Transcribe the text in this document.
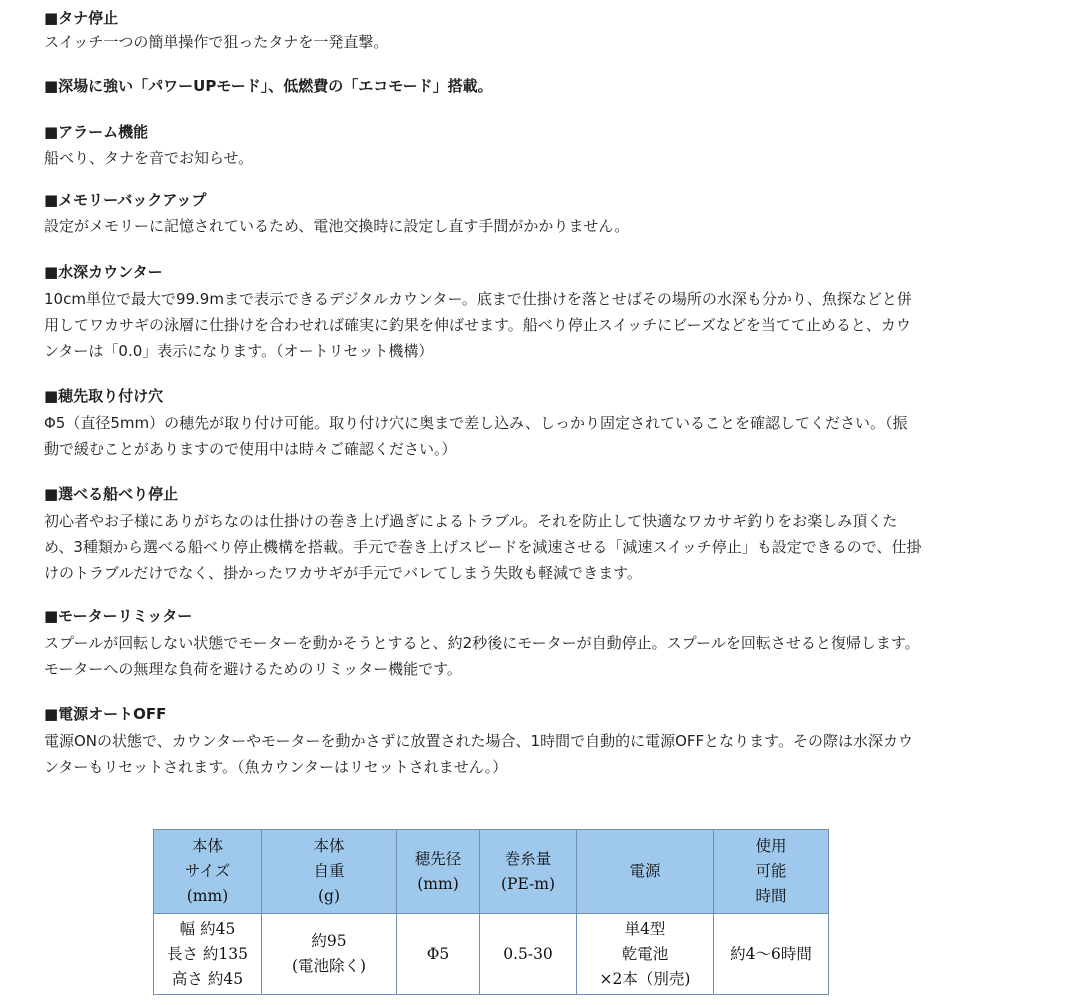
■タナ停止

スイッチ一つの簡単操作で狙ったタナを一発直撃。

■深場に強い「パワーUPモード」、低燃費の「エコモード」搭載。
■アラーム機能

船べり、タナを音でお知らせ。

■メモリーバックアップ

設定がメモリーに記憶されているため、電池交換時に設定し直す手間がかかりません。

■水深カウンター

10cm単位で最大で99.9mまで表示できるデジタルカウンター。底まで仕掛けを落とせばその場所の水深も分かり、魚探などと併

用してワカサギの泳層に仕掛けを合わせれば確実に釣果を伸ばせます。船べり停止スイッチにビーズなどを当てて止めると、カウ

ンターは「0.0」表示になります。（オートリセット機構）

■穂先取り付け穴

Φ5（直径5mm）の穂先が取り付け可能。取り付け穴に奥まで差し込み、しっかり固定されていることを確認してください。（振

動で緩むことがありますので使用中は時々ご確認ください。）

■選べる船べり停止

初心者やお子様にありがちなのは仕掛けの巻き上げ過ぎによるトラブル。それを防止して快適なワカサギ釣りをお楽しみ頂くた

め、3種類から選べる船べり停止機構を搭載。手元で巻き上げスピードを減速させる「減速スイッチ停止」も設定できるので、仕掛

けのトラブルだけでなく、掛かったワカサギが手元でバレてしまう失敗も軽減できます。

■モーターリミッター

スプールが回転しない状態でモーターを動かそうとすると、約2秒後にモーターが自動停止。スプールを回転させると復帰します。

モーターへの無理な負荷を避けるためのリミッター機能です。

■電源オートOFF

電源ONの状態で、カウンターやモーターを動かさずに放置された場合、1時間で自動的に電源OFFとなります。その際は水深カウ

ンターもリセットされます。（魚カウンターはリセットされません。）

本体
サイズ
(mm)	本体
自重
(g)	穂先径
(mm)	巻糸量
(PE-m)	電源	使用
可能
時間

幅 約45
長さ 約135
高さ 約45	約95
(電池除く)	Φ5	0.5-30	単4型
乾電池
×2本（別売)	約4〜6時間
